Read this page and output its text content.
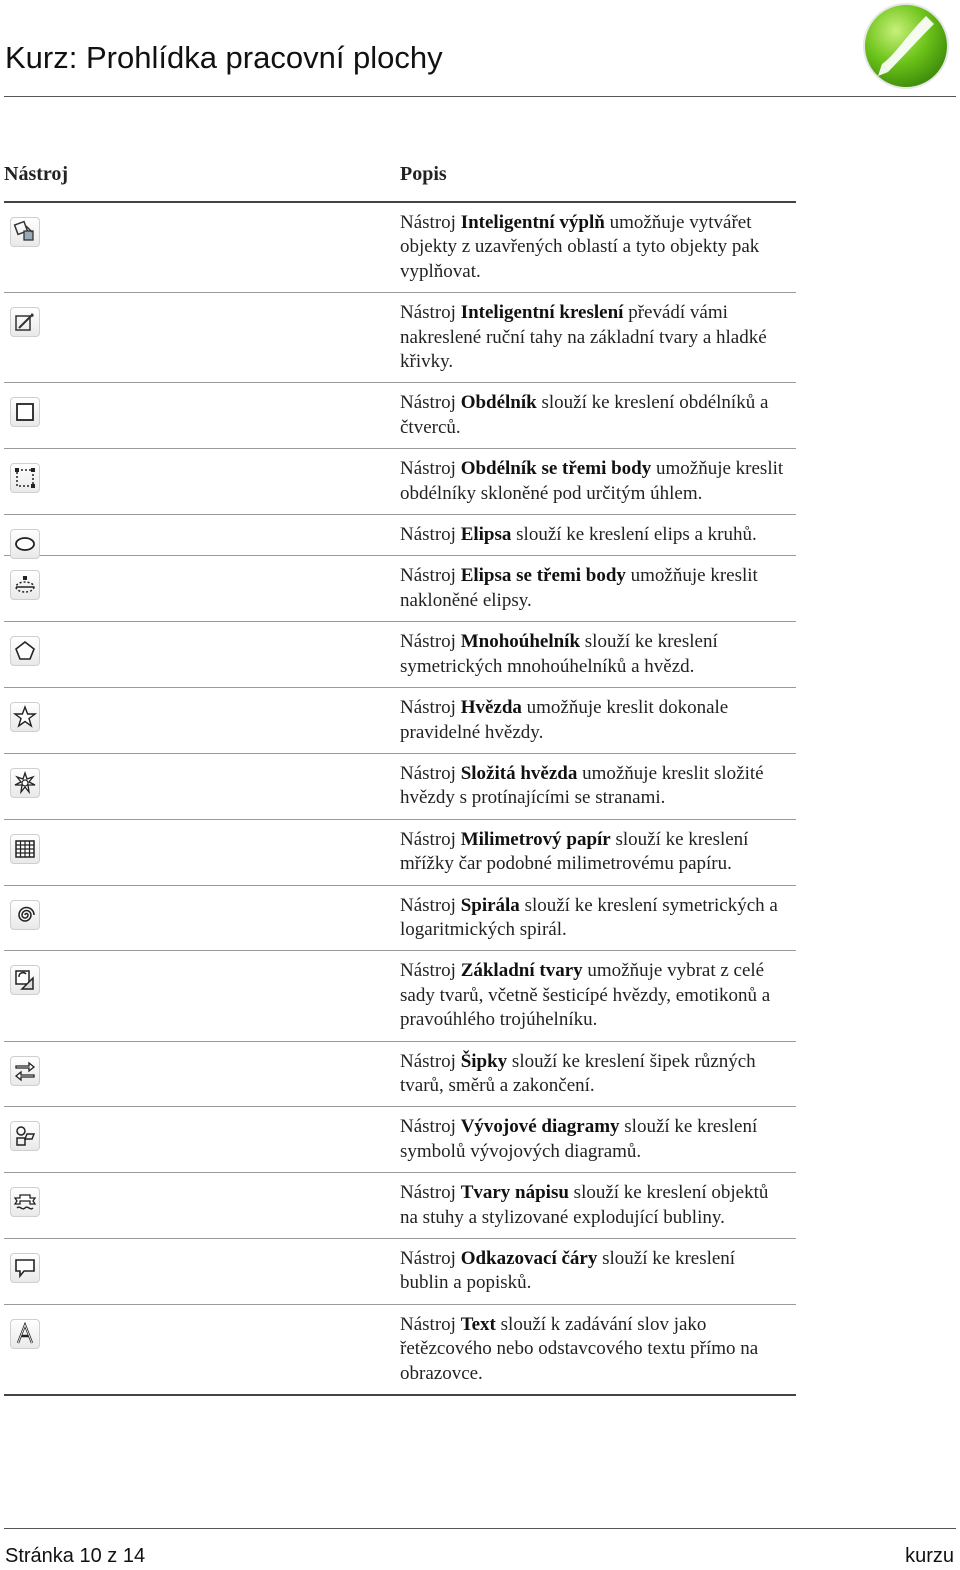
Kurz: Prohlídka pracovní plochy
Nástroj	Popis
Nástroj Inteligentní výplň umožňuje vytvářet objekty z uzavřených oblastí a tyto objekty pak vyplňovat.
Nástroj Inteligentní kreslení převádí vámi nakreslené ruční tahy na základní tvary a hladké křivky.
Nástroj Obdélník slouží ke kreslení obdélníků a čtverců.
Nástroj Obdélník se třemi body umožňuje kreslit obdélníky skloněné pod určitým úhlem.
Nástroj Elipsa slouží ke kreslení elips a kruhů.
Nástroj Elipsa se třemi body umožňuje kreslit nakloněné elipsy.
Nástroj Mnohoúhelník slouží ke kreslení symetrických mnohoúhelníků a hvězd.
Nástroj Hvězda umožňuje kreslit dokonale pravidelné hvězdy.
Nástroj Složitá hvězda umožňuje kreslit složité hvězdy s protínajícími se stranami.
Nástroj Milimetrový papír slouží ke kreslení mřížky čar podobné milimetrovému papíru.
Nástroj Spirála slouží ke kreslení symetrických a logaritmických spirál.
Nástroj Základní tvary umožňuje vybrat z celé sady tvarů, včetně šesticípé hvězdy, emotikonů a pravoúhlého trojúhelníku.
Nástroj Šipky slouží ke kreslení šipek různých tvarů, směrů a zakončení.
Nástroj Vývojové diagramy slouží ke kreslení symbolů vývojových diagramů.
Nástroj Tvary nápisu slouží ke kreslení objektů na stuhy a stylizované explodující bubliny.
Nástroj Odkazovací čáry slouží ke kreslení bublin a popisků.
Nástroj Text slouží k zadávání slov jako řetězcového nebo odstavcového textu přímo na obrazovce.
Stránka 10 z 14	kurzu
